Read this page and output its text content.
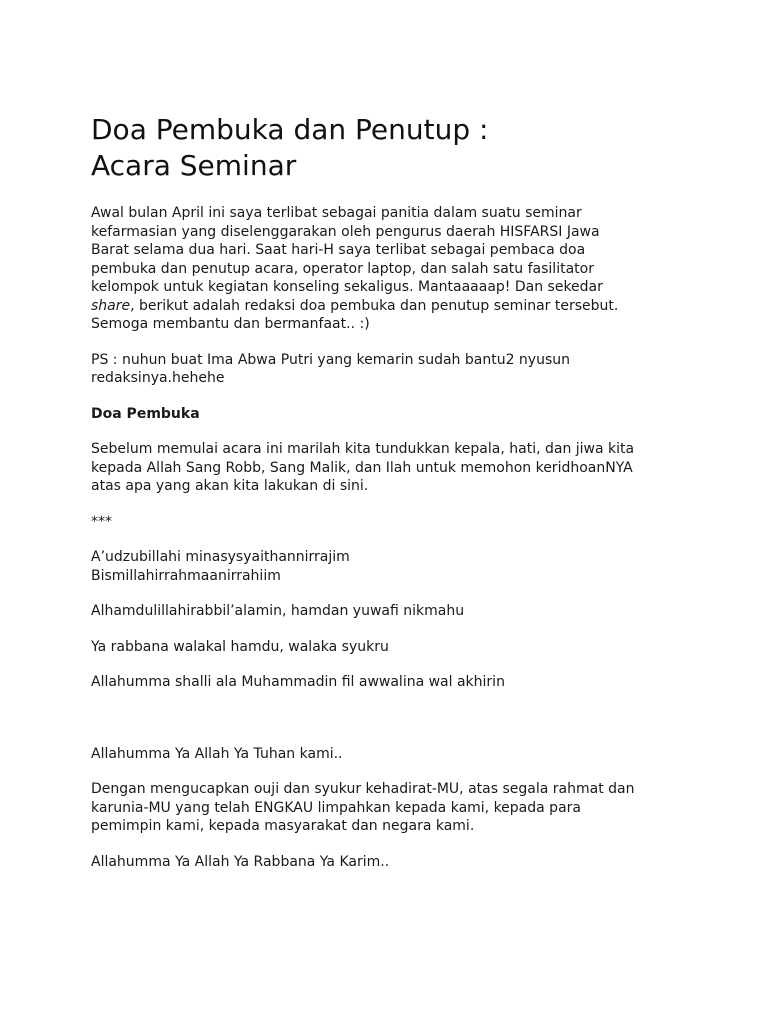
Doa Pembuka dan Penutup :
Acara Seminar

Awal bulan April ini saya terlibat sebagai panitia dalam suatu seminar
kefarmasian yang diselenggarakan oleh pengurus daerah HISFARSI Jawa
Barat selama dua hari. Saat hari-H saya terlibat sebagai pembaca doa
pembuka dan penutup acara, operator laptop, dan salah satu fasilitator
kelompok untuk kegiatan konseling sekaligus. Mantaaaaap! Dan sekedar
share, berikut adalah redaksi doa pembuka dan penutup seminar tersebut.
Semoga membantu dan bermanfaat.. :)

PS : nuhun buat Ima Abwa Putri yang kemarin sudah bantu2 nyusun
redaksinya.hehehe

Doa Pembuka

Sebelum memulai acara ini marilah kita tundukkan kepala, hati, dan jiwa kita
kepada Allah Sang Robb, Sang Malik, dan Ilah untuk memohon keridhoanNYA
atas apa yang akan kita lakukan di sini.

***

A’udzubillahi minasysyaithannirrajim
Bismillahirrahmaanirrahiim

Alhamdulillahirabbil’alamin, hamdan yuwafi nikmahu

Ya rabbana walakal hamdu, walaka syukru

Allahumma shalli ala Muhammadin fil awwalina wal akhirin

Allahumma Ya Allah Ya Tuhan kami..

Dengan mengucapkan ouji dan syukur kehadirat-MU, atas segala rahmat dan
karunia-MU yang telah ENGKAU limpahkan kepada kami, kepada para
pemimpin kami, kepada masyarakat dan negara kami.

Allahumma Ya Allah Ya Rabbana Ya Karim..
